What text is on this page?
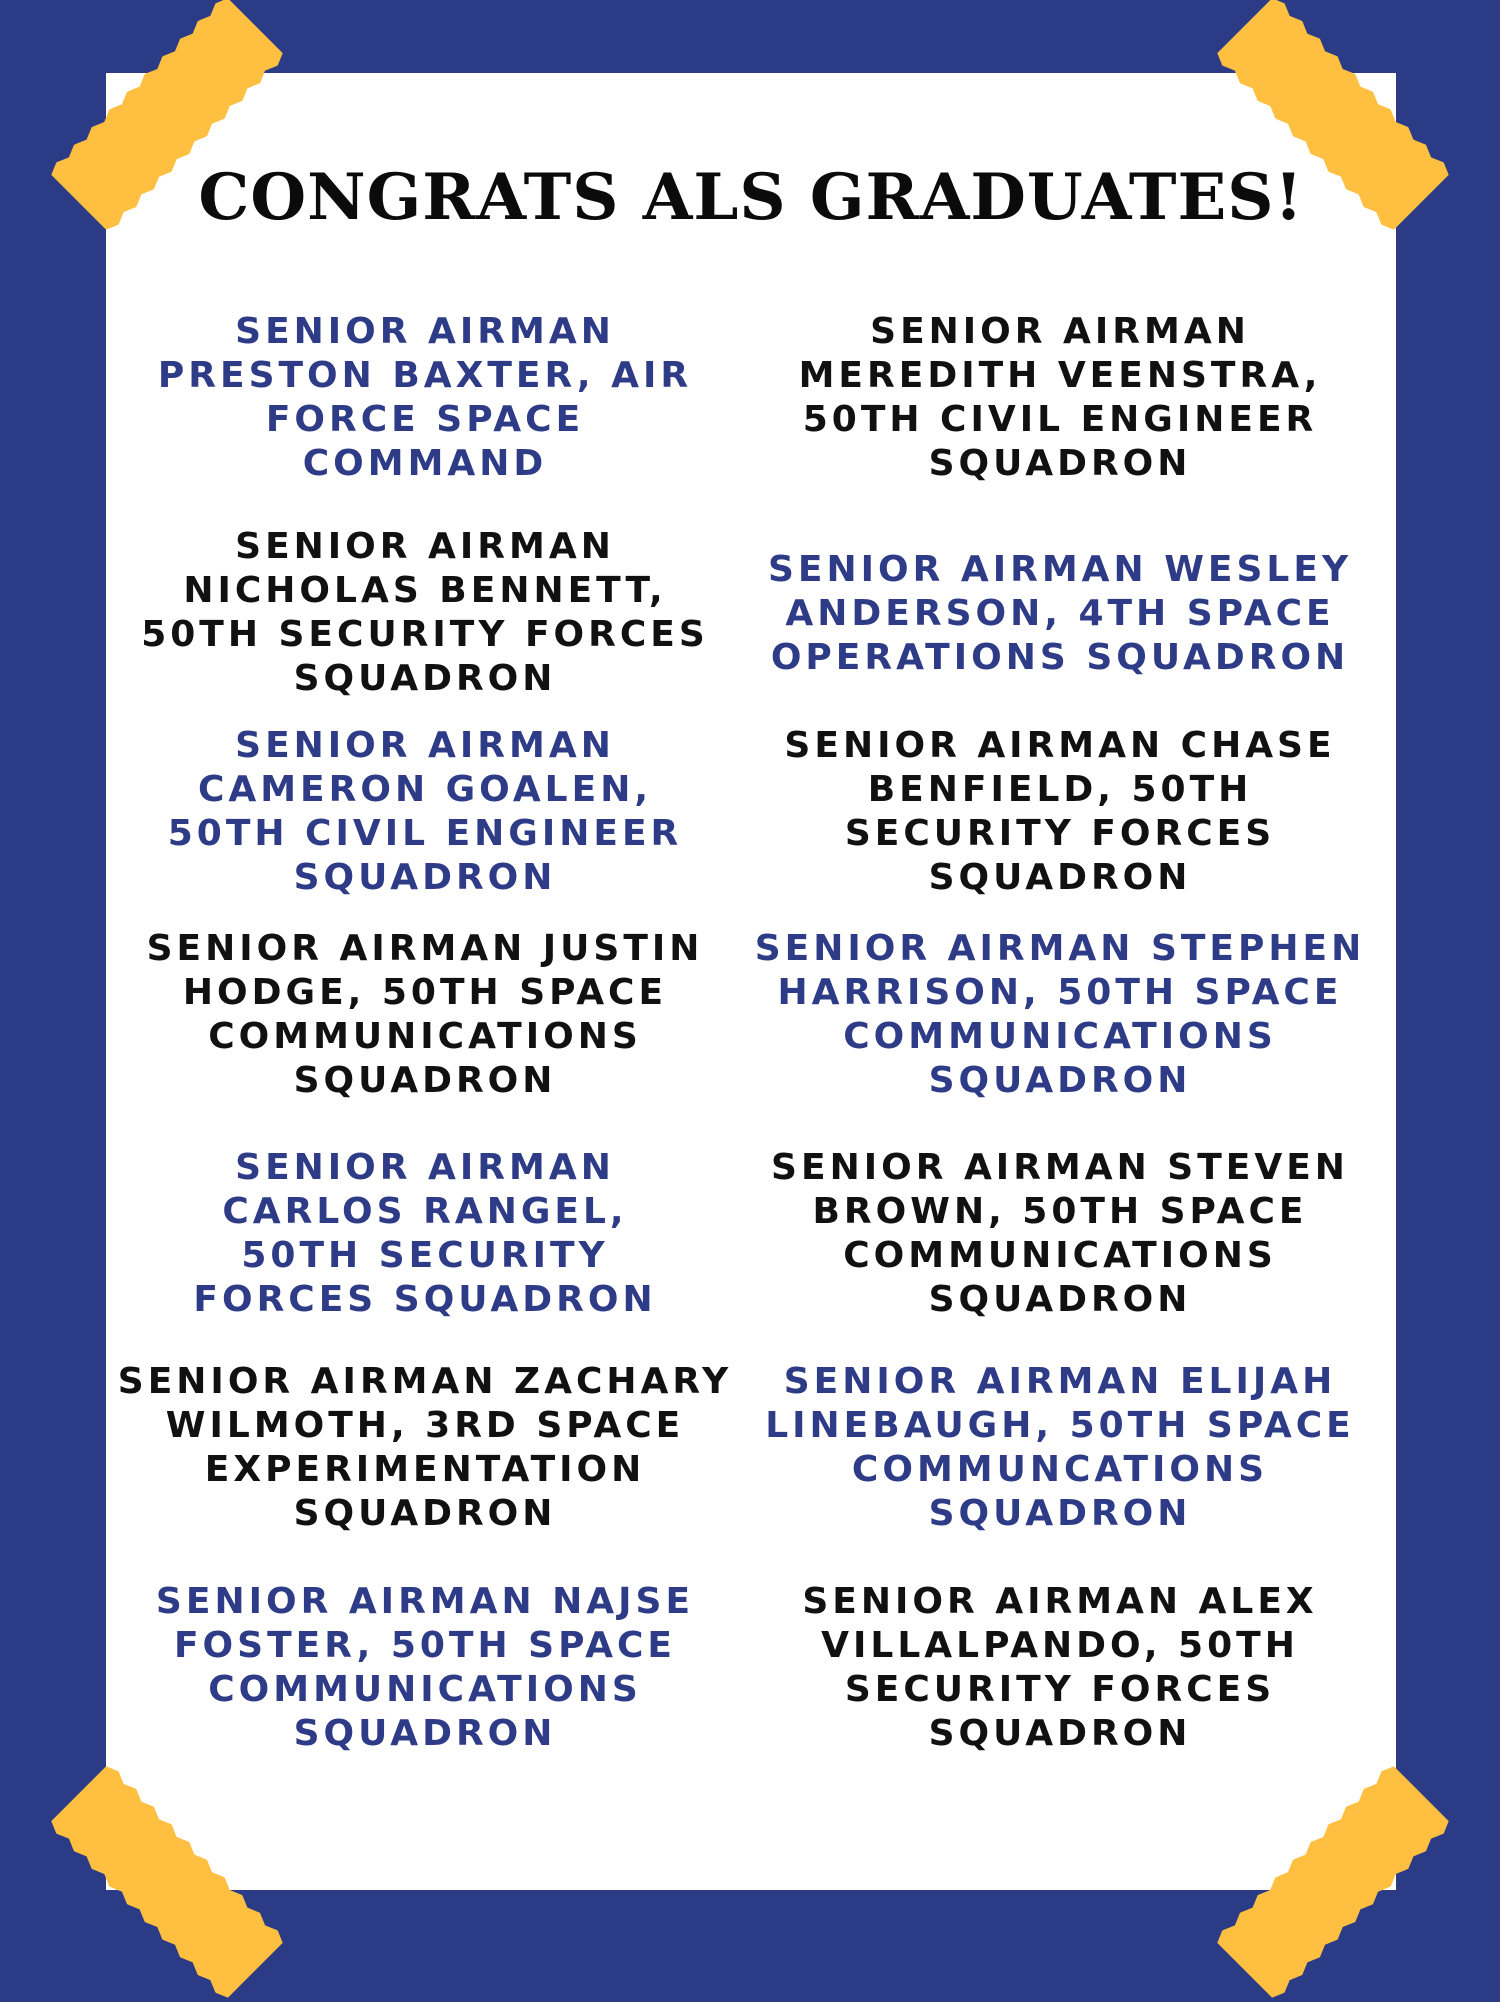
CONGRATS ALS GRADUATES!

SENIOR AIRMAN
PRESTON BAXTER, AIR
FORCE SPACE
COMMAND

SENIOR AIRMAN
MEREDITH VEENSTRA,
50TH CIVIL ENGINEER
SQUADRON

SENIOR AIRMAN
NICHOLAS BENNETT,
50TH SECURITY FORCES
SQUADRON

SENIOR AIRMAN WESLEY
ANDERSON, 4TH SPACE
OPERATIONS SQUADRON

SENIOR AIRMAN
CAMERON GOALEN,
50TH CIVIL ENGINEER
SQUADRON

SENIOR AIRMAN CHASE
BENFIELD, 50TH
SECURITY FORCES
SQUADRON

SENIOR AIRMAN JUSTIN
HODGE, 50TH SPACE
COMMUNICATIONS
SQUADRON

SENIOR AIRMAN STEPHEN
HARRISON, 50TH SPACE
COMMUNICATIONS
SQUADRON

SENIOR AIRMAN
CARLOS RANGEL,
50TH SECURITY
FORCES SQUADRON

SENIOR AIRMAN STEVEN
BROWN, 50TH SPACE
COMMUNICATIONS
SQUADRON

SENIOR AIRMAN ZACHARY
WILMOTH, 3RD SPACE
EXPERIMENTATION
SQUADRON

SENIOR AIRMAN ELIJAH
LINEBAUGH, 50TH SPACE
COMMUNCATIONS
SQUADRON

SENIOR AIRMAN NAJSE
FOSTER, 50TH SPACE
COMMUNICATIONS
SQUADRON

SENIOR AIRMAN ALEX
VILLALPANDO, 50TH
SECURITY FORCES
SQUADRON
